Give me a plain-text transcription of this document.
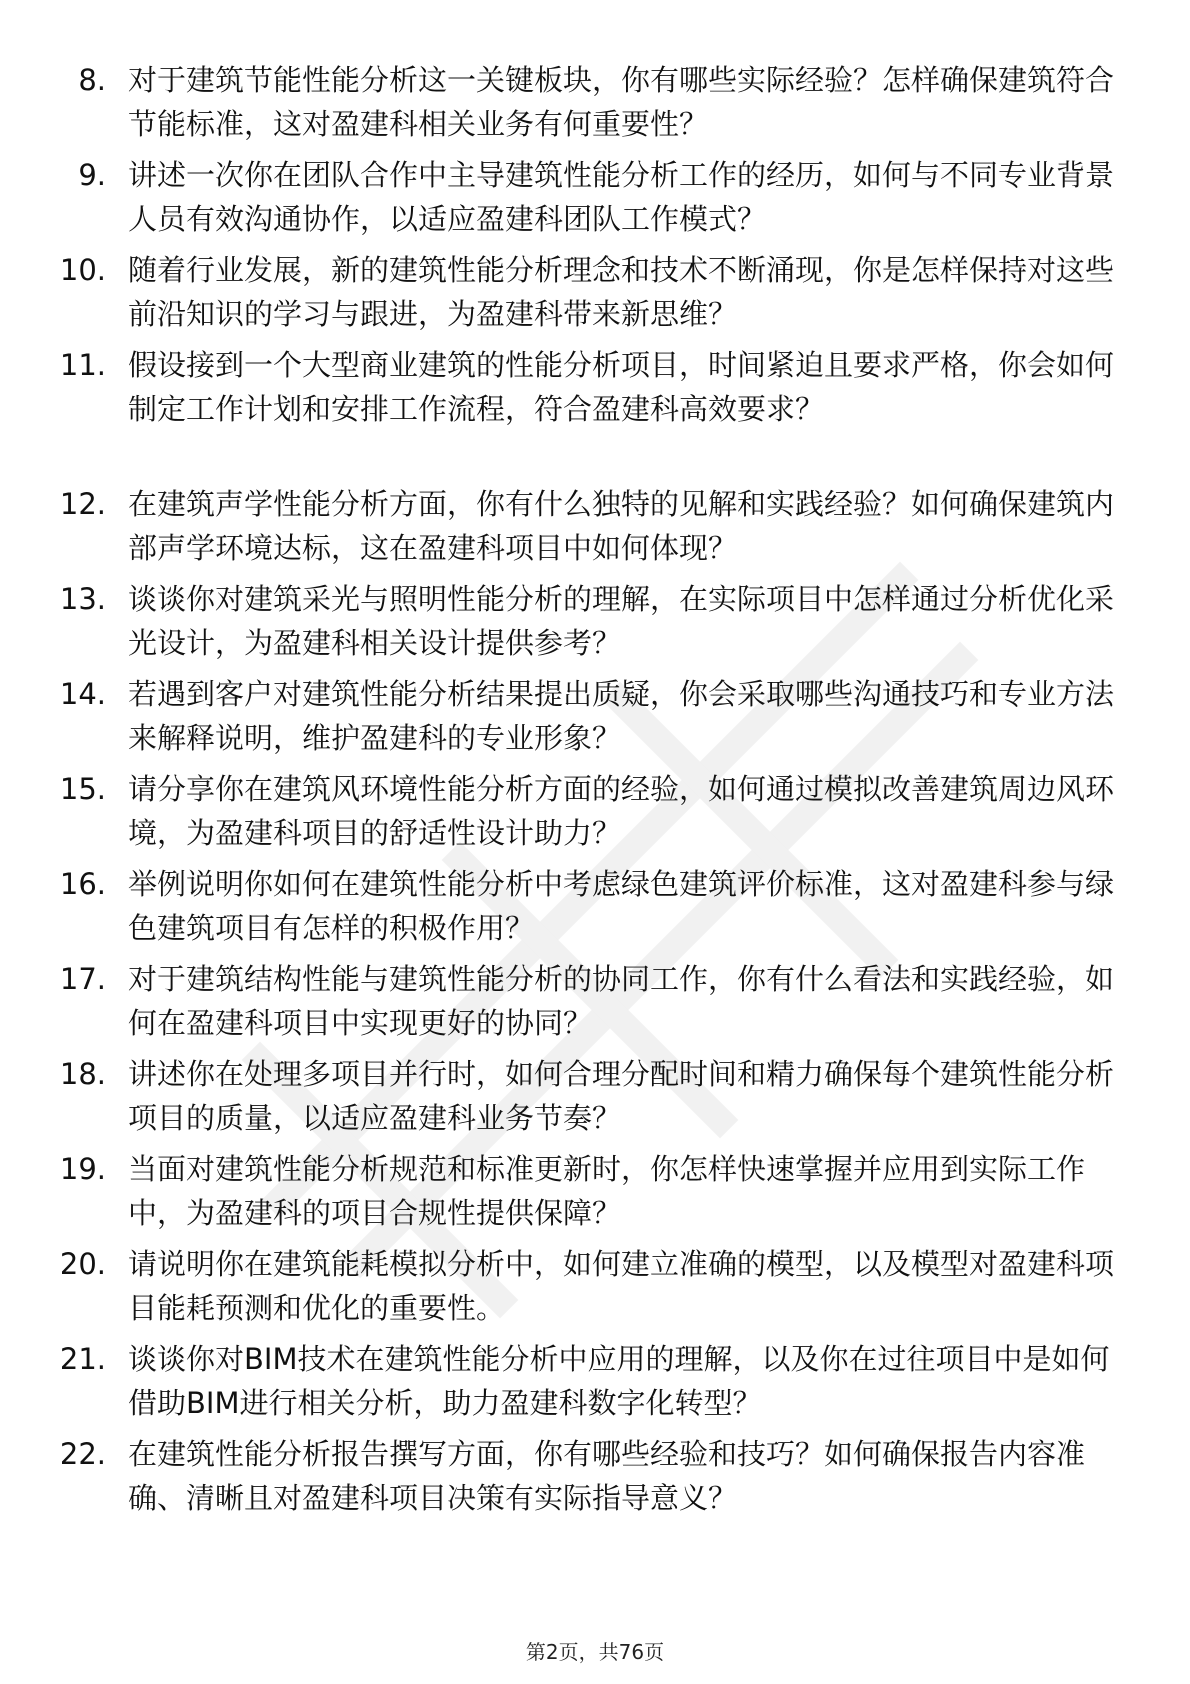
8. 对于建筑节能性能分析这一关键板块，你有哪些实际经验？怎样确保建筑符合节能标准，这对盈建科相关业务有何重要性？
9. 讲述一次你在团队合作中主导建筑性能分析工作的经历，如何与不同专业背景人员有效沟通协作，以适应盈建科团队工作模式？
10. 随着行业发展，新的建筑性能分析理念和技术不断涌现，你是怎样保持对这些前沿知识的学习与跟进，为盈建科带来新思维？
11. 假设接到一个大型商业建筑的性能分析项目，时间紧迫且要求严格，你会如何制定工作计划和安排工作流程，符合盈建科高效要求？
12. 在建筑声学性能分析方面，你有什么独特的见解和实践经验？如何确保建筑内部声学环境达标，这在盈建科项目中如何体现？
13. 谈谈你对建筑采光与照明性能分析的理解，在实际项目中怎样通过分析优化采光设计，为盈建科相关设计提供参考？
14. 若遇到客户对建筑性能分析结果提出质疑，你会采取哪些沟通技巧和专业方法来解释说明，维护盈建科的专业形象？
15. 请分享你在建筑风环境性能分析方面的经验，如何通过模拟改善建筑周边风环境，为盈建科项目的舒适性设计助力？
16. 举例说明你如何在建筑性能分析中考虑绿色建筑评价标准，这对盈建科参与绿色建筑项目有怎样的积极作用？
17. 对于建筑结构性能与建筑性能分析的协同工作，你有什么看法和实践经验，如何在盈建科项目中实现更好的协同？
18. 讲述你在处理多项目并行时，如何合理分配时间和精力确保每个建筑性能分析项目的质量，以适应盈建科业务节奏？
19. 当面对建筑性能分析规范和标准更新时，你怎样快速掌握并应用到实际工作中，为盈建科的项目合规性提供保障？
20. 请说明你在建筑能耗模拟分析中，如何建立准确的模型，以及模型对盈建科项目能耗预测和优化的重要性。
21. 谈谈你对BIM技术在建筑性能分析中应用的理解，以及你在过往项目中是如何借助BIM进行相关分析，助力盈建科数字化转型？
22. 在建筑性能分析报告撰写方面，你有哪些经验和技巧？如何确保报告内容准确、清晰且对盈建科项目决策有实际指导意义？
第2页，共76页
